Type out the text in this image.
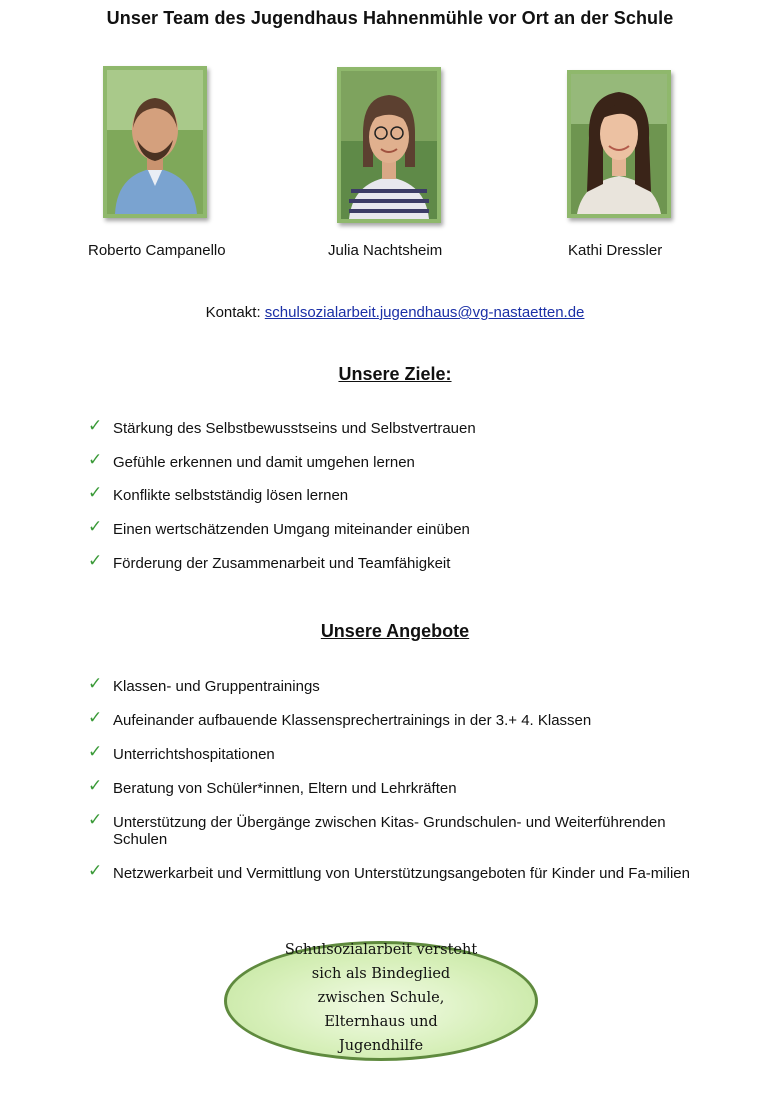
Unser Team des Jugendhaus Hahnenmühle vor Ort an der Schule
Roberto Campanello	Julia Nachtsheim	Kathi Dressler
Kontakt: schulsozialarbeit.jugendhaus@vg-nastaetten.de
Unsere Ziele:
✓ Stärkung des Selbstbewusstseins und Selbstvertrauen
✓ Gefühle erkennen und damit umgehen lernen
✓ Konflikte selbstständig lösen lernen
✓ Einen wertschätzenden Umgang miteinander einüben
✓ Förderung der Zusammenarbeit und Teamfähigkeit
Unsere Angebote
✓ Klassen- und Gruppentrainings
✓ Aufeinander aufbauende Klassensprechertrainings in der 3.+ 4. Klassen
✓ Unterrichtshospitationen
✓ Beratung von Schüler*innen, Eltern und Lehrkräften
✓ Unterstützung der Übergänge zwischen Kitas- Grundschulen- und Weiterführenden Schulen
✓ Netzwerkarbeit und Vermittlung von Unterstützungsangeboten für Kinder und Fa-milien
Schulsozialarbeit versteht sich als Bindeglied zwischen Schule, Elternhaus und Jugendhilfe
